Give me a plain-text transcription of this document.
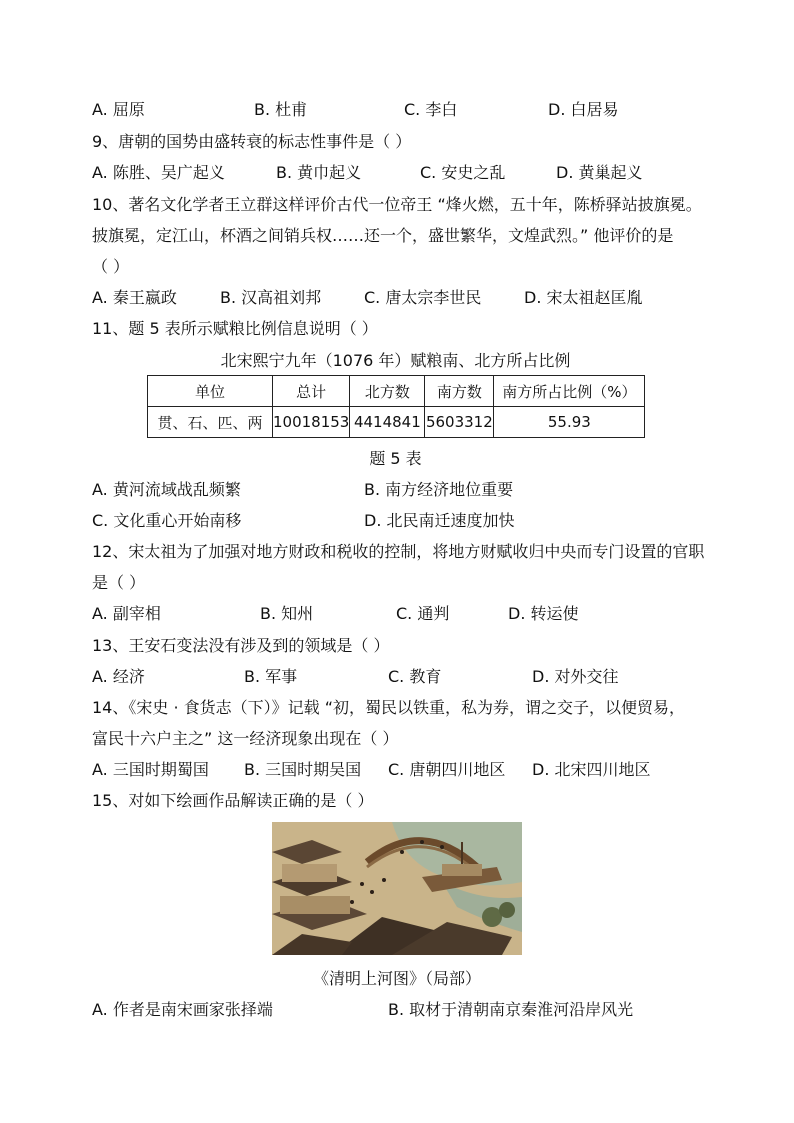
A. 屈原	B. 杜甫	C. 李白	D. 白居易
9、唐朝的国势由盛转衰的标志性事件是（ ）
A. 陈胜、吴广起义	B. 黄巾起义	C. 安史之乱	D. 黄巢起义
10、著名文化学者王立群这样评价古代一位帝王 “烽火燃，五十年，陈桥驿站披旗冕。
披旗冕，定江山，杯酒之间销兵权……还一个，盛世繁华，文煌武烈。” 他评价的是
（ ）
A. 秦王嬴政	B. 汉高祖刘邦	C. 唐太宗李世民	D. 宋太祖赵匡胤
11、题 5 表所示赋粮比例信息说明（ ）
北宋熙宁九年（1076 年）赋粮南、北方所占比例
单位	总计	北方数	南方数	南方所占比例（%）
贯、石、匹、两	10018153	4414841	5603312	55.93
题 5 表
A. 黄河流域战乱频繁	B. 南方经济地位重要
C. 文化重心开始南移	D. 北民南迁速度加快
12、宋太祖为了加强对地方财政和税收的控制，将地方财赋收归中央而专门设置的官职
是（ ）
A. 副宰相	B. 知州	C. 通判	D. 转运使
13、王安石变法没有涉及到的领域是（ ）
A. 经济	B. 军事	C. 教育	D. 对外交往
14、《宋史 · 食货志（下）》记载 “初，蜀民以铁重，私为券，谓之交子，以便贸易，
富民十六户主之” 这一经济现象出现在（ ）
A. 三国时期蜀国 B. 三国时期吴国 C. 唐朝四川地区 D. 北宋四川地区
15、对如下绘画作品解读正确的是（ ）
《清明上河图》（局部）
A. 作者是南宋画家张择端	B. 取材于清朝南京秦淮河沿岸风光
